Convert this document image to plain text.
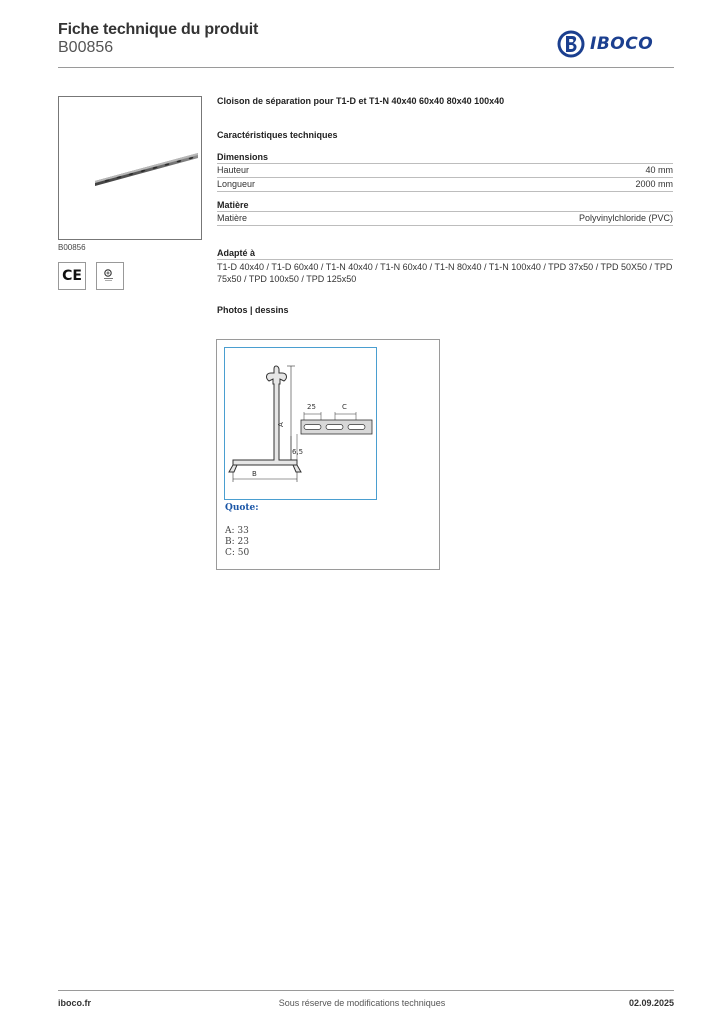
Fiche technique du produit
B00856	IBOCO
B00856
CE
Cloison de séparation pour T1-D et T1-N 40x40 60x40 80x40 100x40
Caractéristiques techniques
Dimensions
Hauteur	40 mm
Longueur	2000 mm
Matière
Matière	Polyvinylchloride (PVC)
Adapté à
T1-D 40x40 / T1-D 60x40 / T1-N 40x40 / T1-N 60x40 / T1-N 80x40 / T1-N 100x40 / TPD 37x50 / TPD 50X50 / TPD 75x50 / TPD 100x50 / TPD 125x50
Photos | dessins
25	C
A
6,5
B
Quote:
A: 33
B: 23
C: 50
iboco.fr	Sous réserve de modifications techniques	02.09.2025
